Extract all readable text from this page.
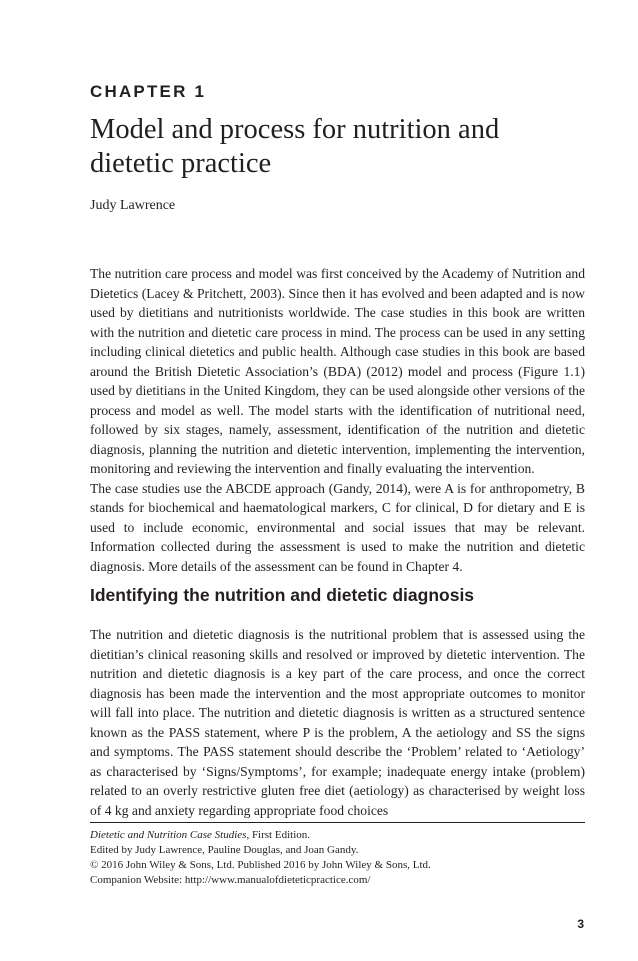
CHAPTER 1
Model and process for nutrition and dietetic practice
Judy Lawrence

The nutrition care process and model was first conceived by the Academy of Nutrition and Dietetics (Lacey & Pritchett, 2003). Since then it has evolved and been adapted and is now used by dietitians and nutritionists worldwide. The case studies in this book are written with the nutrition and dietetic care process in mind. The process can be used in any setting including clinical dietetics and public health. Although case studies in this book are based around the British Dietetic Association’s (BDA) (2012) model and process (Figure 1.1) used by dietitians in the United Kingdom, they can be used alongside other versions of the process and model as well. The model starts with the identification of nutritional need, followed by six stages, namely, assessment, identification of the nutrition and dietetic diagnosis, planning the nutrition and dietetic intervention, implementing the intervention, monitoring and reviewing the intervention and finally evaluating the intervention.

The case studies use the ABCDE approach (Gandy, 2014), were A is for anthropometry, B stands for biochemical and haematological markers, C for clinical, D for dietary and E is used to include economic, environmental and social issues that may be relevant. Information collected during the assessment is used to make the nutrition and dietetic diagnosis. More details of the assessment can be found in Chapter 4.

Identifying the nutrition and dietetic diagnosis

The nutrition and dietetic diagnosis is the nutritional problem that is assessed using the dietitian’s clinical reasoning skills and resolved or improved by dietetic intervention. The nutrition and dietetic diagnosis is a key part of the care process, and once the correct diagnosis has been made the intervention and the most appropriate outcomes to monitor will fall into place. The nutrition and dietetic diagnosis is written as a structured sentence known as the PASS statement, where P is the problem, A the aetiology and SS the signs and symptoms. The PASS statement should describe the ‘Problem’ related to ‘Aetiology’ as characterised by ‘Signs/Symptoms’, for example; inadequate energy intake (problem) related to an overly restrictive gluten free diet (aetiology) as characterised by weight loss of 4 kg and anxiety regarding appropriate food choices

Dietetic and Nutrition Case Studies, First Edition.
Edited by Judy Lawrence, Pauline Douglas, and Joan Gandy.
© 2016 John Wiley & Sons, Ltd. Published 2016 by John Wiley & Sons, Ltd.
Companion Website: http://www.manualofdieteticpractice.com/
3
